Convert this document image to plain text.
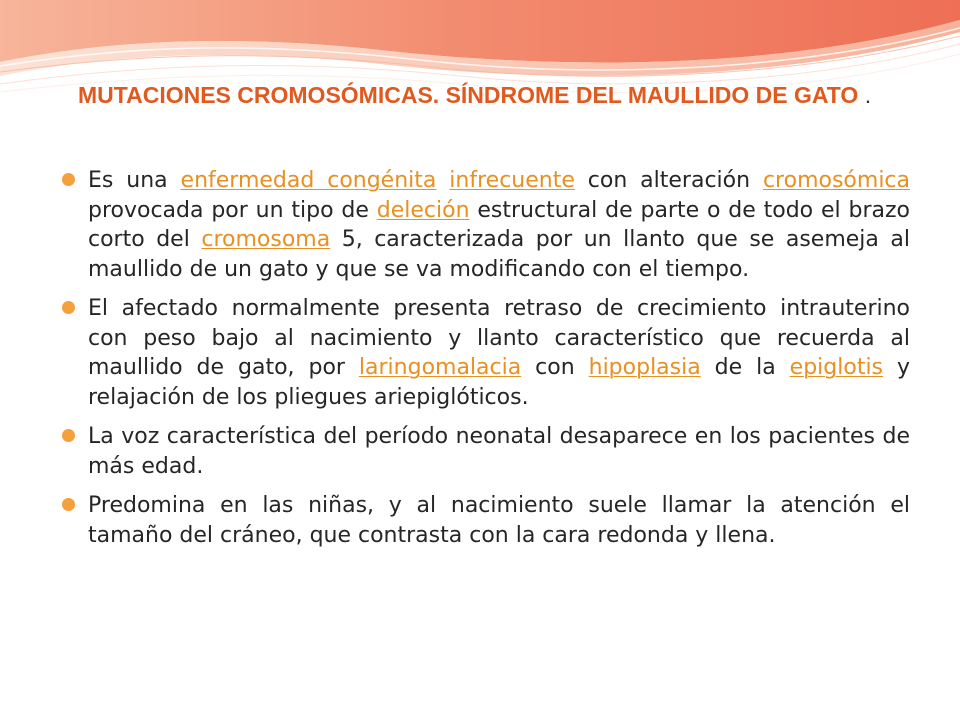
MUTACIONES CROMOSÓMICAS. SÍNDROME DEL MAULLIDO DE GATO .

Es una enfermedad congénita infrecuente con alteración cromosómica provocada por un tipo de deleción estructural de parte o de todo el brazo corto del cromosoma 5, caracterizada por un llanto que se asemeja al maullido de un gato y que se va modificando con el tiempo.

El afectado normalmente presenta retraso de crecimiento intrauterino con peso bajo al nacimiento y llanto característico que recuerda al maullido de gato, por laringomalacia con hipoplasia de la epiglotis y relajación de los pliegues ariepiglóticos.

La voz característica del período neonatal desaparece en los pacientes de más edad.

Predomina en las niñas, y al nacimiento suele llamar la atención el tamaño del cráneo, que contrasta con la cara redonda y llena.
